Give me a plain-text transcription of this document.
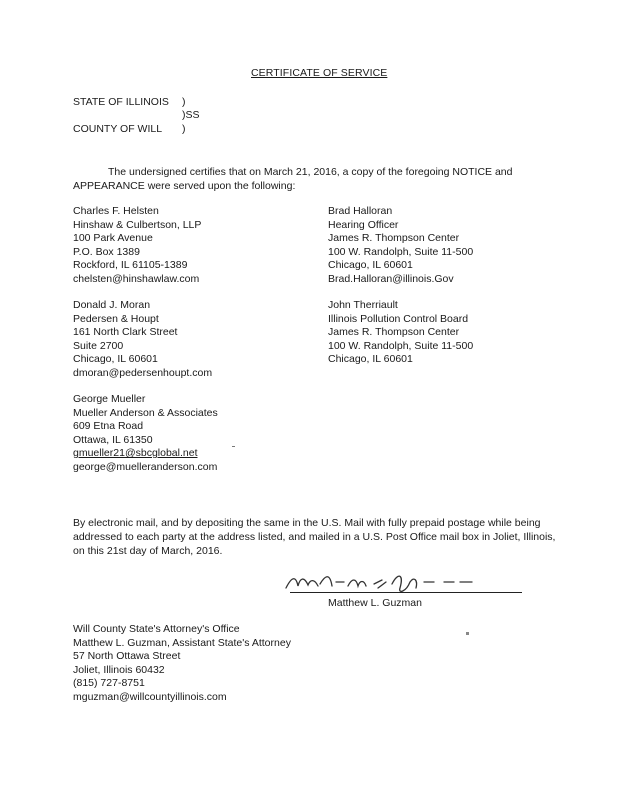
CERTIFICATE OF SERVICE
STATE OF ILLINOIS
COUNTY OF WILL
)
)SS
)
The undersigned certifies that on March 21, 2016, a copy of the foregoing NOTICE and
APPEARANCE were served upon the following:
Charles F. Helsten
Hinshaw & Culbertson, LLP
100 Park Avenue
P.O. Box 1389
Rockford, IL 61105-1389
chelsten@hinshawlaw.com
Donald J. Moran
Pedersen & Houpt
161 North Clark Street
Suite 2700
Chicago, IL 60601
dmoran@pedersenhoupt.com
George Mueller
Mueller Anderson & Associates
609 Etna Road
Ottawa, IL 61350
gmueller21@sbcglobal.net
george@muelleranderson.com
Brad Halloran
Hearing Officer
James R. Thompson Center
100 W. Randolph, Suite 11-500
Chicago, IL 60601
Brad.Halloran@illinois.Gov
John Therriault
Illinois Pollution Control Board
James R. Thompson Center
100 W. Randolph, Suite 11-500
Chicago, IL 60601
By electronic mail, and by depositing the same in the U.S. Mail with fully prepaid postage while being
addressed to each party at the address listed, and mailed in a U.S. Post Office mail box in Joliet, Illinois,
on this 21st day of March, 2016.
Matthew L. Guzman
Will County State's Attorney's Office
Matthew L. Guzman, Assistant State's Attorney
57 North Ottawa Street
Joliet, Illinois 60432
(815) 727-8751
mguzman@willcountyillinois.com
